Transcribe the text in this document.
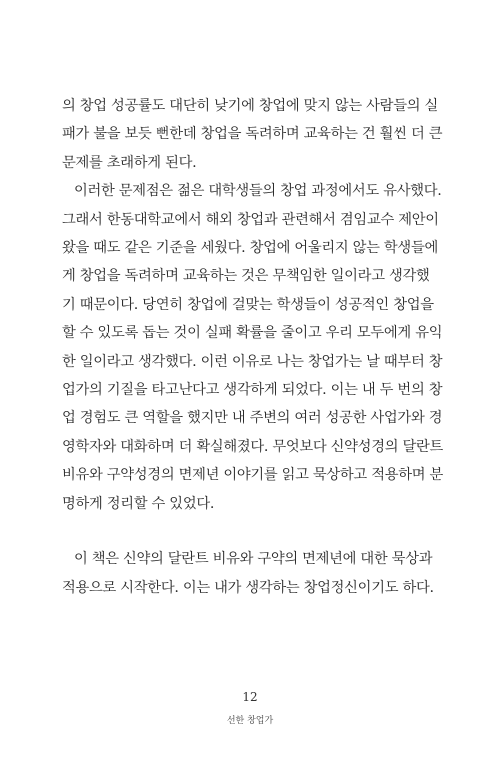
의 창업 성공률도 대단히 낮기에 창업에 맞지 않는 사람들의 실

패가 불을 보듯 뻔한데 창업을 독려하며 교육하는 건 훨씬 더 큰

문제를 초래하게 된다.

이러한 문제점은 젊은 대학생들의 창업 과정에서도 유사했다.

그래서 한동대학교에서 해외 창업과 관련해서 겸임교수 제안이

왔을 때도 같은 기준을 세웠다. 창업에 어울리지 않는 학생들에

게 창업을 독려하며 교육하는 것은 무책임한 일이라고 생각했

기 때문이다. 당연히 창업에 걸맞는 학생들이 성공적인 창업을

할 수 있도록 돕는 것이 실패 확률을 줄이고 우리 모두에게 유익

한 일이라고 생각했다. 이런 이유로 나는 창업가는 날 때부터 창

업가의 기질을 타고난다고 생각하게 되었다. 이는 내 두 번의 창

업 경험도 큰 역할을 했지만 내 주변의 여러 성공한 사업가와 경

영학자와 대화하며 더 확실해졌다. 무엇보다 신약성경의 달란트

비유와 구약성경의 면제년 이야기를 읽고 묵상하고 적용하며 분

명하게 정리할 수 있었다.

이 책은 신약의 달란트 비유와 구약의 면제년에 대한 묵상과

적용으로 시작한다. 이는 내가 생각하는 창업정신이기도 하다.

12
선한 창업가
